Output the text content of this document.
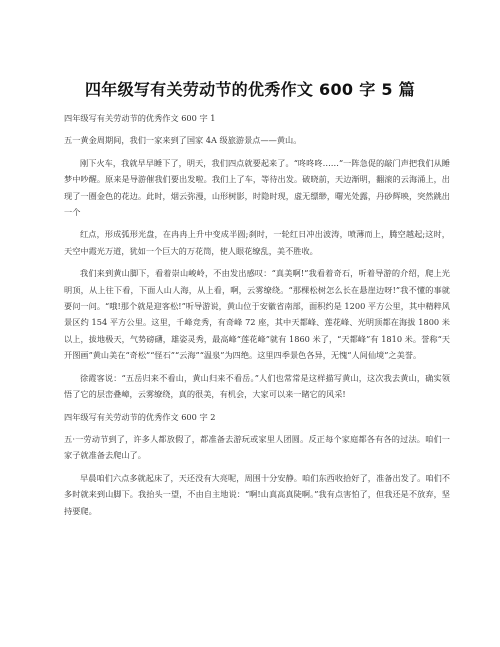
四年级写有关劳动节的优秀作文 600 字 5 篇

四年级写有关劳动节的优秀作文 600 字 1

五一黄金周期间，我们一家来到了国家 4A 级旅游景点——黄山。

刚下火车，我就早早睡下了，明天，我们四点就要起来了。“咚咚咚……”一阵急促的敲门声把我们从睡梦中吵醒。原来是导游催我们要出发啦。我们上了车，等待出发。破晓前，天边渐明，翻滚的云海涌上，出现了一圈金色的花边。此时，烟云弥漫，山形树影，时隐时现，虚无缥缈，曙光处露，丹砂辉映，突然跳出一个

红点，形成弧形光盘，在冉冉上升中变成半圆;刹时，一轮红日冲出波涛，喷薄而上，腾空越起;这时，天空中霞光万道，犹如一个巨大的万花筒，使人眼花缭乱，美不胜收。

我们来到黄山脚下，看着崇山峻岭，不由发出感叹：“真美啊!”我看着奇石，听着导游的介绍，爬上光明顶，从上往下看，下面人山人海，从上看，啊，云雾缭绕。“那棵松树怎么长在悬崖边呀!”我不懂的事就要问一问。“哦!那个就是迎客松!”听导游说，黄山位于安徽省南部，面积约是 1200 平方公里，其中精粹风景区约 154 平方公里。这里，千峰竞秀，有奇峰 72 座，其中天都峰、莲花峰、光明顶都在海拔 1800 米以上，拔地极天，气势磅礴，雄姿灵秀，最高峰“莲花峰”就有 1860 米了，“天都峰”有 1810 米。誉称“天开图画”黄山美在“奇松”“怪石”“云海”“温泉”为四绝。这里四季景色各异，无愧“人间仙境”之美誉。

徐霞客说：“五岳归来不看山，黄山归来不看岳。”人们也常常是这样描写黄山，这次我去黄山，确实领悟了它的层峦叠嶂，云雾缭绕，真的很美，有机会，大家可以来一睹它的风采!

四年级写有关劳动节的优秀作文 600 字 2

五·一劳动节到了，许多人都放假了，都准备去游玩或家里人团圆。反正每个家庭都各有各的过法。咱们一家子就准备去爬山了。

早晨咱们六点多就起床了，天还没有大亮呢，周围十分安静。咱们东西收拾好了，准备出发了。咱们不多时就来到山脚下。我抬头一望，不由自主地说：“啊!山真高真陡啊。”我有点害怕了，但我还是不放弃，坚持要爬。
